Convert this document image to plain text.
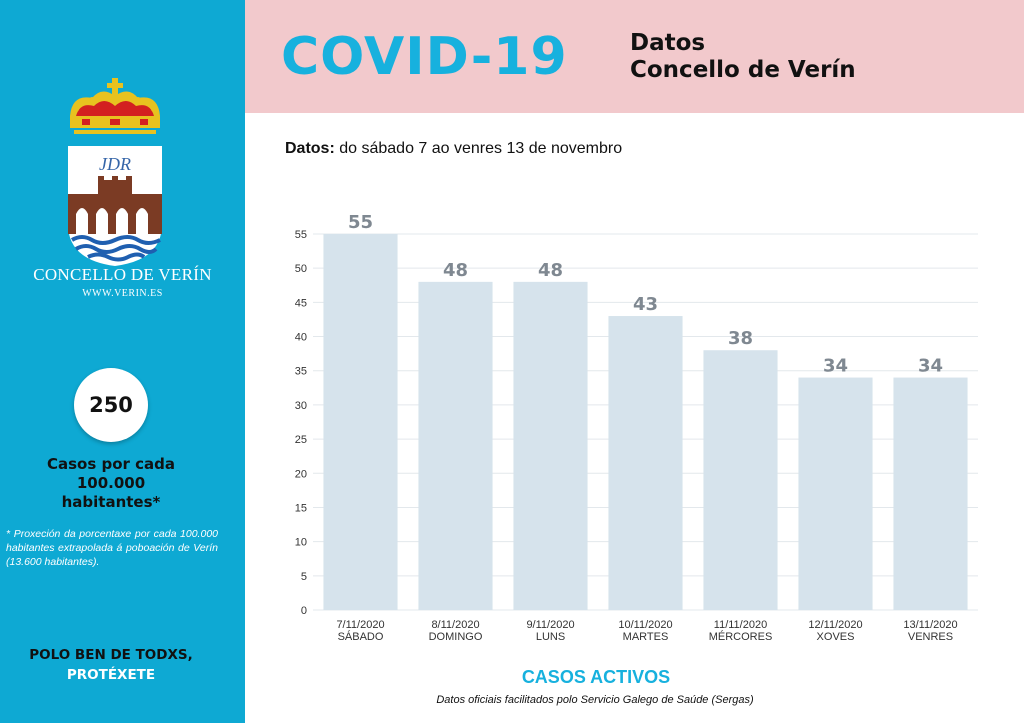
JDR
CONCELLO DE VERÍN
WWW.VERIN.ES
250
Casos por cada
100.000
habitantes*
* Proxeción da porcentaxe por cada 100.000 habitantes extrapolada á poboación de Verín (13.600 habitantes).
POLO BEN DE TODXS,
PROTÉXETE
COVID-19	Datos
Concello de Verín
Datos: do sábado 7 ao venres 13 de novembro
0
5
10
15
20
25
30
35
40
45
50
55
55
7/11/2020
SÁBADO
48
8/11/2020
DOMINGO
48
9/11/2020
LUNS
43
10/11/2020
MARTES
38
11/11/2020
MÉRCORES
34
12/11/2020
XOVES
34
13/11/2020
VENRES
CASOS ACTIVOS
Datos oficiais facilitados polo Servicio Galego de Saúde (Sergas)
